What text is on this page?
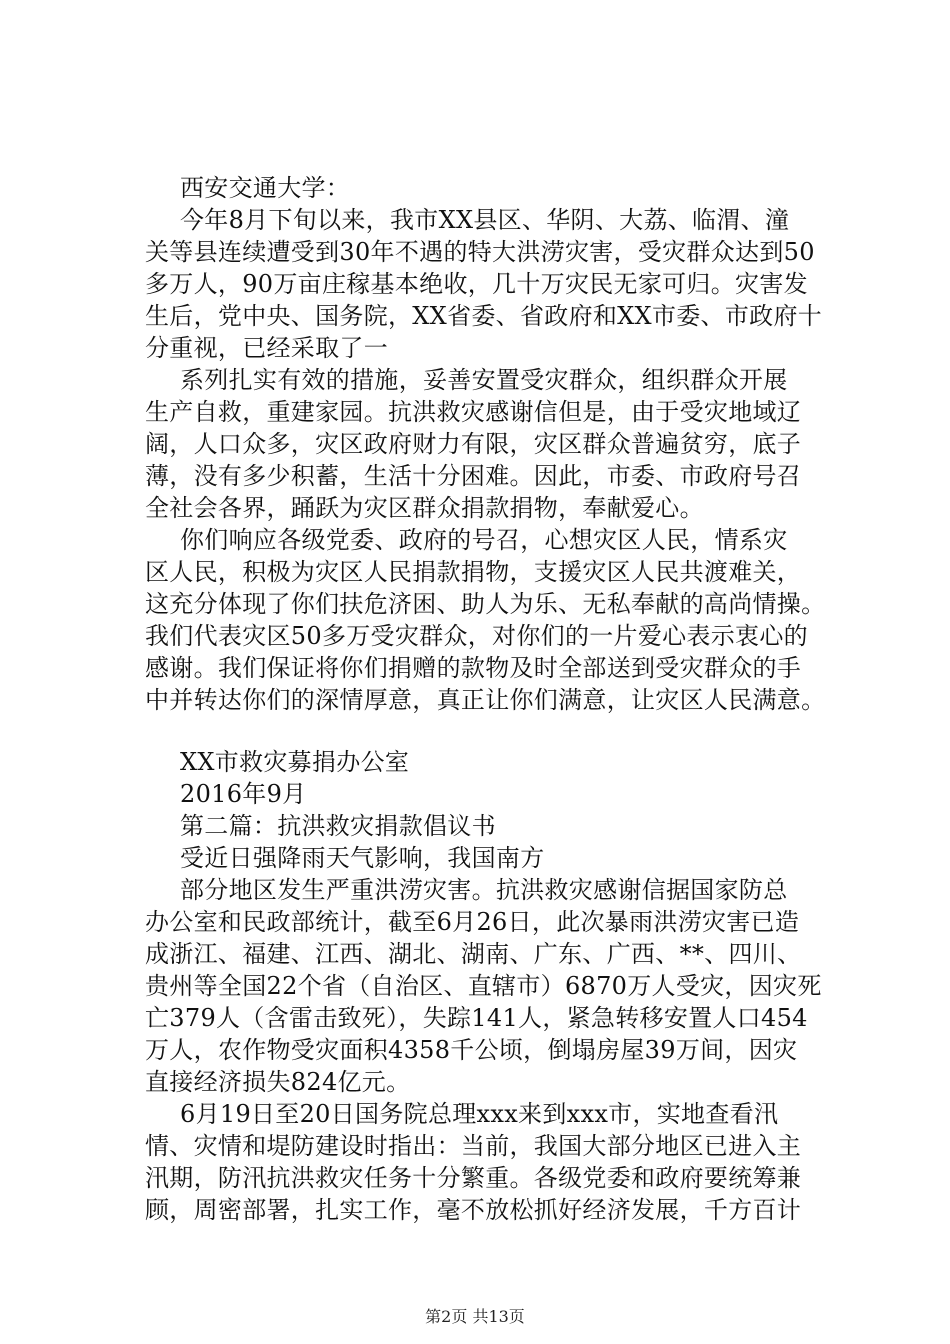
西安交通大学：
今年8月下旬以来，我市XX县区、华阴、大荔、临渭、潼
关等县连续遭受到30年不遇的特大洪涝灾害，受灾群众达到50
多万人，90万亩庄稼基本绝收，几十万灾民无家可归。灾害发
生后，党中央、国务院，XX省委、省政府和XX市委、市政府十
分重视，已经采取了一
系列扎实有效的措施，妥善安置受灾群众，组织群众开展
生产自救，重建家园。抗洪救灾感谢信但是，由于受灾地域辽
阔，人口众多，灾区政府财力有限，灾区群众普遍贫穷，底子
薄，没有多少积蓄，生活十分困难。因此，市委、市政府号召
全社会各界，踊跃为灾区群众捐款捐物，奉献爱心。
你们响应各级党委、政府的号召，心想灾区人民，情系灾
区人民，积极为灾区人民捐款捐物，支援灾区人民共渡难关，
这充分体现了你们扶危济困、助人为乐、无私奉献的高尚情操。
我们代表灾区50多万受灾群众，对你们的一片爱心表示衷心的
感谢。我们保证将你们捐赠的款物及时全部送到受灾群众的手
中并转达你们的深情厚意，真正让你们满意，让灾区人民满意。
XX市救灾募捐办公室
2016年9月
第二篇：抗洪救灾捐款倡议书
受近日强降雨天气影响，我国南方
部分地区发生严重洪涝灾害。抗洪救灾感谢信据国家防总
办公室和民政部统计，截至6月26日，此次暴雨洪涝灾害已造
成浙江、福建、江西、湖北、湖南、广东、广西、**、四川、
贵州等全国22个省（自治区、直辖市）6870万人受灾，因灾死
亡379人（含雷击致死），失踪141人，紧急转移安置人口454
万人，农作物受灾面积4358千公顷，倒塌房屋39万间，因灾
直接经济损失824亿元。
6月19日至20日国务院总理xxx来到xxx市，实地查看汛
情、灾情和堤防建设时指出：当前，我国大部分地区已进入主
汛期，防汛抗洪救灾任务十分繁重。各级党委和政府要统筹兼
顾，周密部署，扎实工作，毫不放松抓好经济发展，千方百计
第2页 共13页
